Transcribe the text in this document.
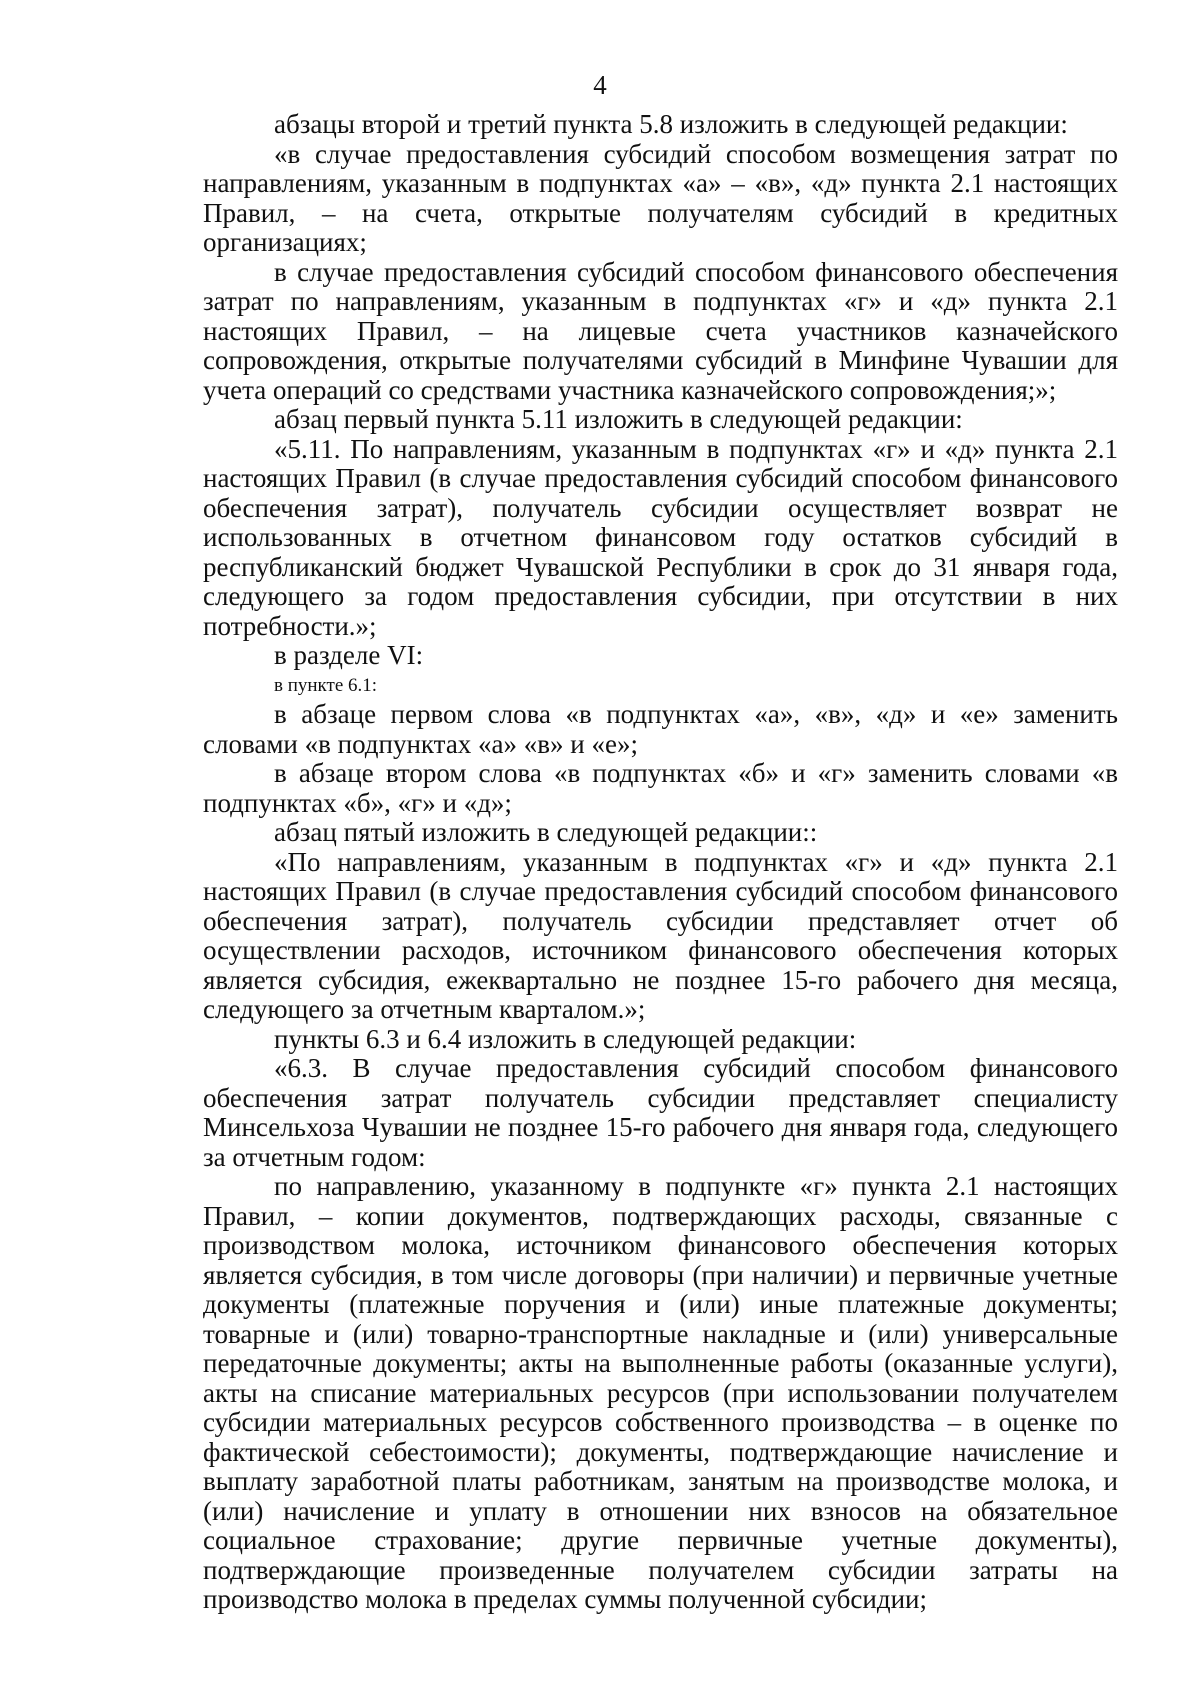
4

абзацы второй и третий пункта 5.8 изложить в следующей редакции:

«в случае предоставления субсидий способом возмещения затрат по направлениям, указанным в подпунктах «а» – «в», «д» пункта 2.1 настоящих Правил, – на счета, открытые получателям субсидий в кредитных организациях;

в случае предоставления субсидий способом финансового обеспечения затрат по направлениям, указанным в подпунктах «г» и «д» пункта 2.1 настоящих Правил, – на лицевые счета участников казначейского сопровождения, открытые получателями субсидий в Минфине Чувашии для учета операций со средствами участника казначейского сопровождения;»;

абзац первый пункта 5.11 изложить в следующей редакции:

«5.11. По направлениям, указанным в подпунктах «г» и «д» пункта 2.1 настоящих Правил (в случае предоставления субсидий способом финансового обеспечения затрат), получатель субсидии осуществляет возврат не использованных в отчетном финансовом году остатков субсидий в республиканский бюджет Чувашской Республики в срок до 31 января года, следующего за годом предоставления субсидии, при отсутствии в них потребности.»;

в разделе VI:

в пункте 6.1:

в абзаце первом слова «в подпунктах «а», «в», «д» и «е» заменить словами «в подпунктах «а» «в» и «е»;

в абзаце втором слова «в подпунктах «б» и «г» заменить словами «в подпунктах «б», «г» и «д»;

абзац пятый изложить в следующей редакции::

«По направлениям, указанным в подпунктах «г» и «д» пункта 2.1 настоящих Правил (в случае предоставления субсидий способом финансового обеспечения затрат), получатель субсидии представляет отчет об осуществлении расходов, источником финансового обеспечения которых является субсидия, ежеквартально не позднее 15-го рабочего дня месяца, следующего за отчетным кварталом.»;

пункты 6.3 и 6.4 изложить в следующей редакции:

«6.3. В случае предоставления субсидий способом финансового обеспечения затрат получатель субсидии представляет специалисту Минсельхоза Чувашии не позднее 15-го рабочего дня января года, следующего за отчетным годом:

по направлению, указанному в подпункте «г» пункта 2.1 настоящих Правил, – копии документов, подтверждающих расходы, связанные с производством молока, источником финансового обеспечения которых является субсидия, в том числе договоры (при наличии) и первичные учетные документы (платежные поручения и (или) иные платежные документы; товарные и (или) товарно-транспортные накладные и (или) универсальные передаточные документы; акты на выполненные работы (оказанные услуги), акты на списание материальных ресурсов (при использовании получателем субсидии материальных ресурсов собственного производства – в оценке по фактической себестоимости); документы, подтверждающие начисление и выплату заработной платы работникам, занятым на производстве молока, и (или) начисление и уплату в отношении них взносов на обязательное социальное страхование; другие первичные учетные документы), подтверждающие произведенные получателем субсидии затраты на производство молока в пределах суммы полученной субсидии;
